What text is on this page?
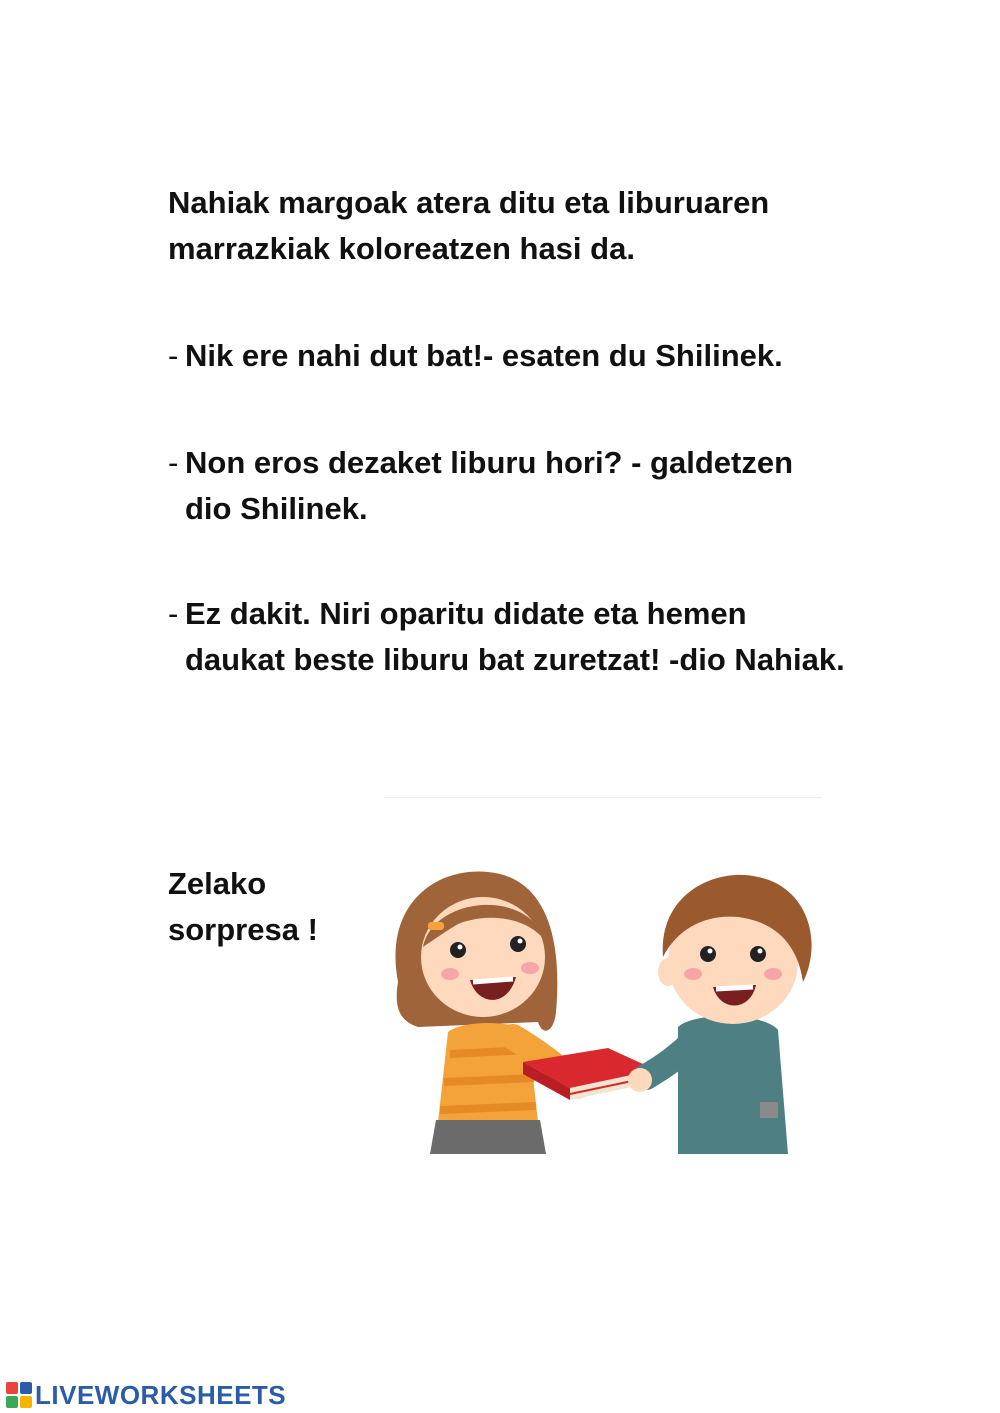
Nahiak margoak atera ditu eta liburuaren marrazkiak koloreatzen hasi da.

- Nik ere nahi dut bat!- esaten du Shilinek.
- Non eros dezaket liburu hori? - galdetzen dio Shilinek.
- Ez dakit. Niri oparitu didate eta hemen daukat beste liburu bat zuretzat! -dio Nahiak.

Zelako sorpresa !

LIVEWORKSHEETS
